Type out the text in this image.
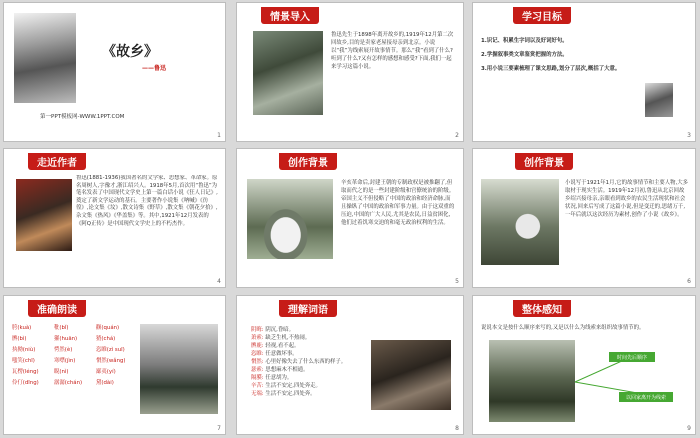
《故乡》
——鲁迅
第一PPT模板网-WWW.1PPT.COM
1
情景导入
鲁迅先生于1898年离开故乡的,1919年12月第二次回故乡,目的是卖家老屋接母亲到北京。小说以“我”为线索展开故事情节。那么“我”看到了什么?听到了什么?又有怎样的感想和感受?下面,我们一起来学习这篇小说。
2
学习目标
1.识记、积累生字词以及好词好句。
2.学握叙事类文章鉴赏把握的方法。
3.用小说三要素梳理了课文思路,划分了层次,概括了大意。
3
走近作者
鲁迅(1881-1936)我国著名的文学家、思想家、革命家。原名周树人,字豫才,浙江绍兴人。1918年5月,首次用“鲁迅”为笔名发表了中国现代文学史上第一篇白话小说《狂人日记》,奠定了新文学运动的基石。主要著作小说集《呐喊》《彷徨》,论文集《坟》,散文诗集《野草》,散文集《朝花夕拾》,杂文集《热风》《华盖集》等。其中,1921年12月发表的《阿Q正传》是中国现代文学史上的不朽杰作。
4
创作背景
辛亥革命后,封建王朝的专制政权是被推翻了,但取而代之的是一些封建阶级和官僚统治的阶级。帝国主义不但侵略了中国的政治和经济命脉,而且操纵了中国的政治和军事力量。由于这双重的压迫,中国的广大人民,尤其是农民,日益贫困化,他们过着饥寒交迫的和毫无政治权利的生活。
5
创作背景
小说写于1921年1月,它的故事情节和主要人物,大多取材于现实生活。1919年12月初,鲁迅从北京回故乡绍兴接母亲,亲眼看到故乡的农民生活现状和社会状况,回来后写成了这篇小说,但是变迁的,思绪万千,一年后就以这次经历为素材,创作了小说《故乡》。
6
准确朗读
胯(kuà)	秕(bǐ)	颧(quán)
髀(bì)	獾(huān)	猹(chá)
执拗(niù)	愕然(è)	恣睢(zì suī)
嗤笑(chī)	寒噤(jìn)	惘然(wǎng)
瓦楞(léng)	睨(nì)	鄙夷(yí)
伶仃(dīng)	潺潺(chán)	黛(dài)
7
理解词语
阴晦: 阴沉,昏暗。
萧索: 缺乏生机,不热闹。
髀鹿: 轻视,看不起。
恣睢: 任意做坏事。
惘然: 心里好像失去了什么东西的样子。
瑟索: 思想麻木不相通。
隔膜: 任意胡为。
辛苦: 生活不安定,四处奔走。
无端: 生活不安定,四处奔。
8
整体感知
说说本文是按什么顺序来写的,又是以什么为线索来组织故事情节的。
时间先后顺序
以回家离开为线索
9
